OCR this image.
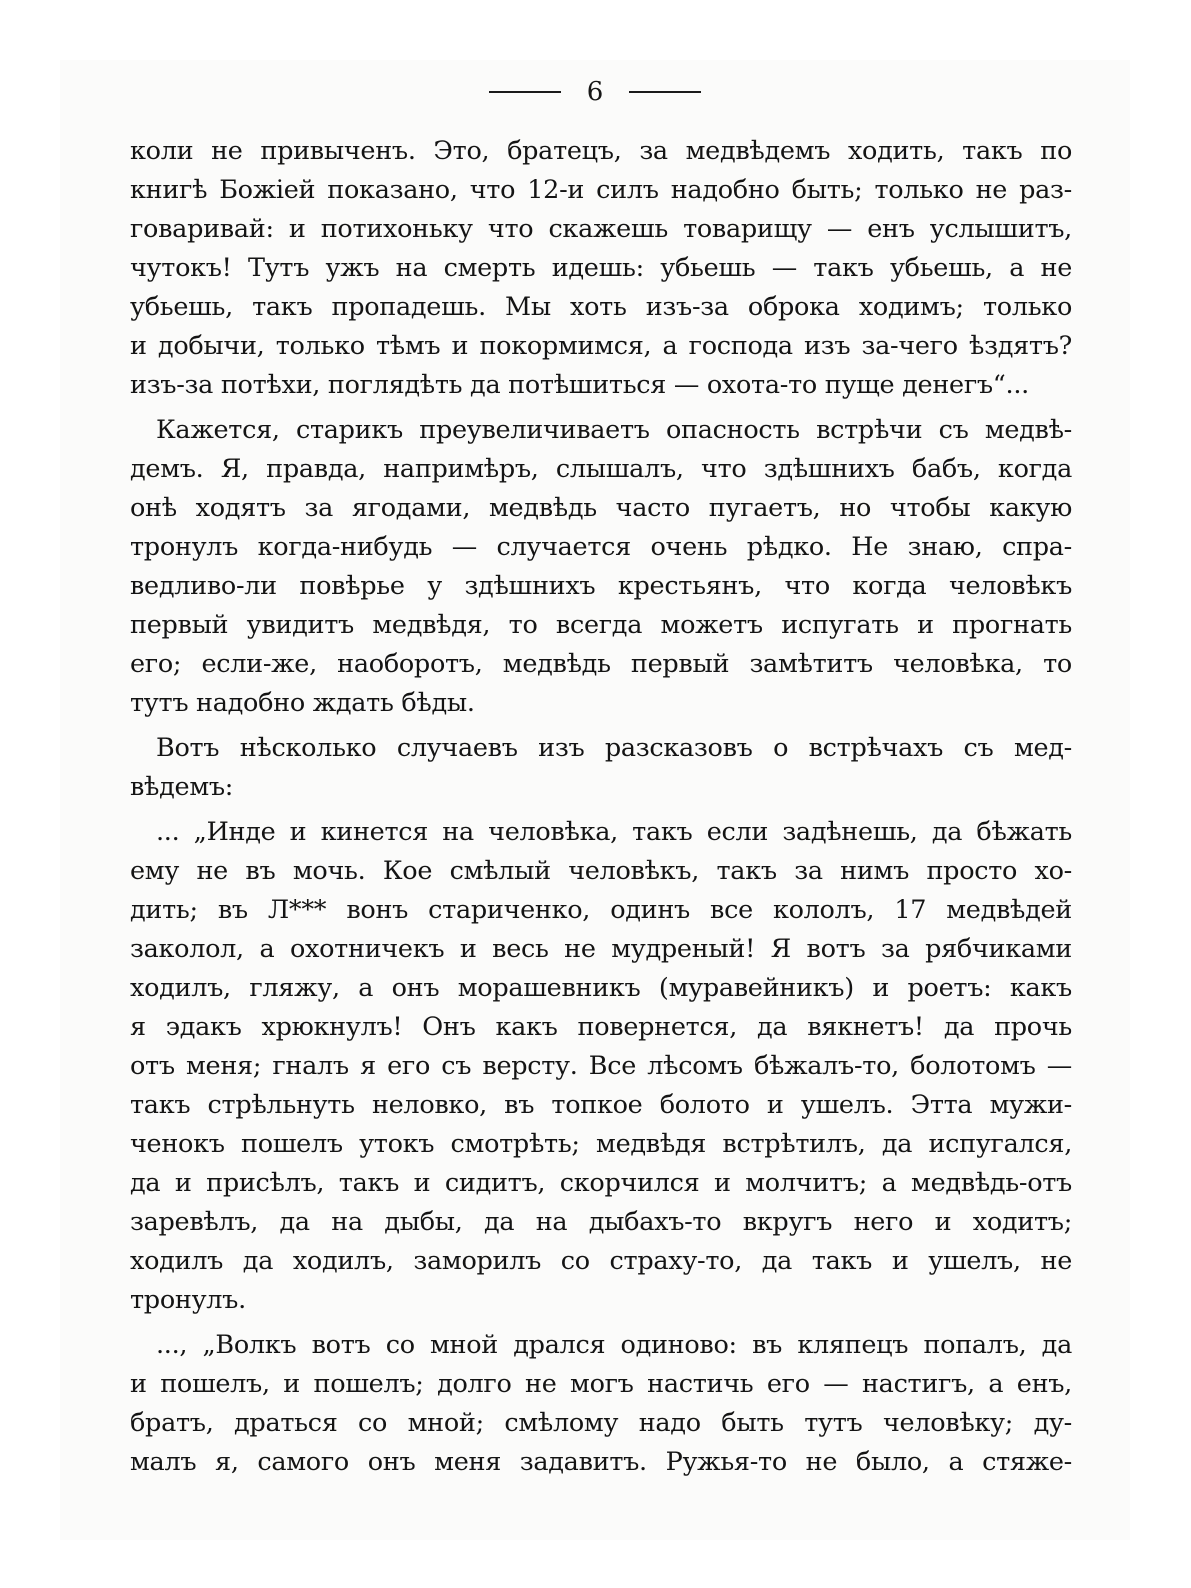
6
коли не привыченъ. Это, братецъ, за медвѣдемъ ходить, такъ по
книгѣ Божіей показано, что 12-и силъ надобно быть; только не раз-
говаривай: и потихоньку что скажешь товарищу — енъ услышитъ,
чутокъ! Тутъ ужъ на смерть идешь: убьешь — такъ убьешь, а не
убьешь, такъ пропадешь. Мы хоть изъ-за оброка ходимъ; только
и добычи, только тѣмъ и покормимся, а господа изъ за-чего ѣздятъ?
изъ-за потѣхи, поглядѣть да потѣшиться — охота-то пуще денегъ“...
Кажется, старикъ преувеличиваетъ опасность встрѣчи съ медвѣ-
демъ. Я, правда, напримѣръ, слышалъ, что здѣшнихъ бабъ, когда
онѣ ходятъ за ягодами, медвѣдь часто пугаетъ, но чтобы какую
тронулъ когда-нибудь — случается очень рѣдко. Не знаю, спра-
ведливо-ли повѣрье у здѣшнихъ крестьянъ, что когда человѣкъ
первый увидитъ медвѣдя, то всегда можетъ испугать и прогнать
его; если-же, наоборотъ, медвѣдь первый замѣтитъ человѣка, то
тутъ надобно ждать бѣды.
Вотъ нѣсколько случаевъ изъ разсказовъ о встрѣчахъ съ мед-
вѣдемъ:
... „Инде и кинется на человѣка, такъ если задѣнешь, да бѣжать
ему не въ мочь. Кое смѣлый человѣкъ, такъ за нимъ просто хо-
дить; въ Л*** вонъ стариченко, одинъ все кололъ, 17 медвѣдей
заколол, а охотничекъ и весь не мудреный! Я вотъ за рябчиками
ходилъ, гляжу, а онъ морашевникъ (муравейникъ) и роетъ: какъ
я эдакъ хрюкнулъ! Онъ какъ повернется, да вякнетъ! да прочь
отъ меня; гналъ я его съ версту. Все лѣсомъ бѣжалъ-то, болотомъ —
такъ стрѣльнуть неловко, въ топкое болото и ушелъ. Этта мужи-
ченокъ пошелъ утокъ смотрѣть; медвѣдя встрѣтилъ, да испугался,
да и присѣлъ, такъ и сидитъ, скорчился и молчитъ; а медвѣдь-отъ
заревѣлъ, да на дыбы, да на дыбахъ-то вкругъ него и ходитъ;
ходилъ да ходилъ, заморилъ со страху-то, да такъ и ушелъ, не
тронулъ.
..., „Волкъ вотъ со мной дрался одиново: въ кляпецъ попалъ, да
и пошелъ, и пошелъ; долго не могъ настичь его — настигъ, а енъ,
братъ, драться со мной; смѣлому надо быть тутъ человѣку; ду-
малъ я, самого онъ меня задавитъ. Ружья-то не было, а стяже-
